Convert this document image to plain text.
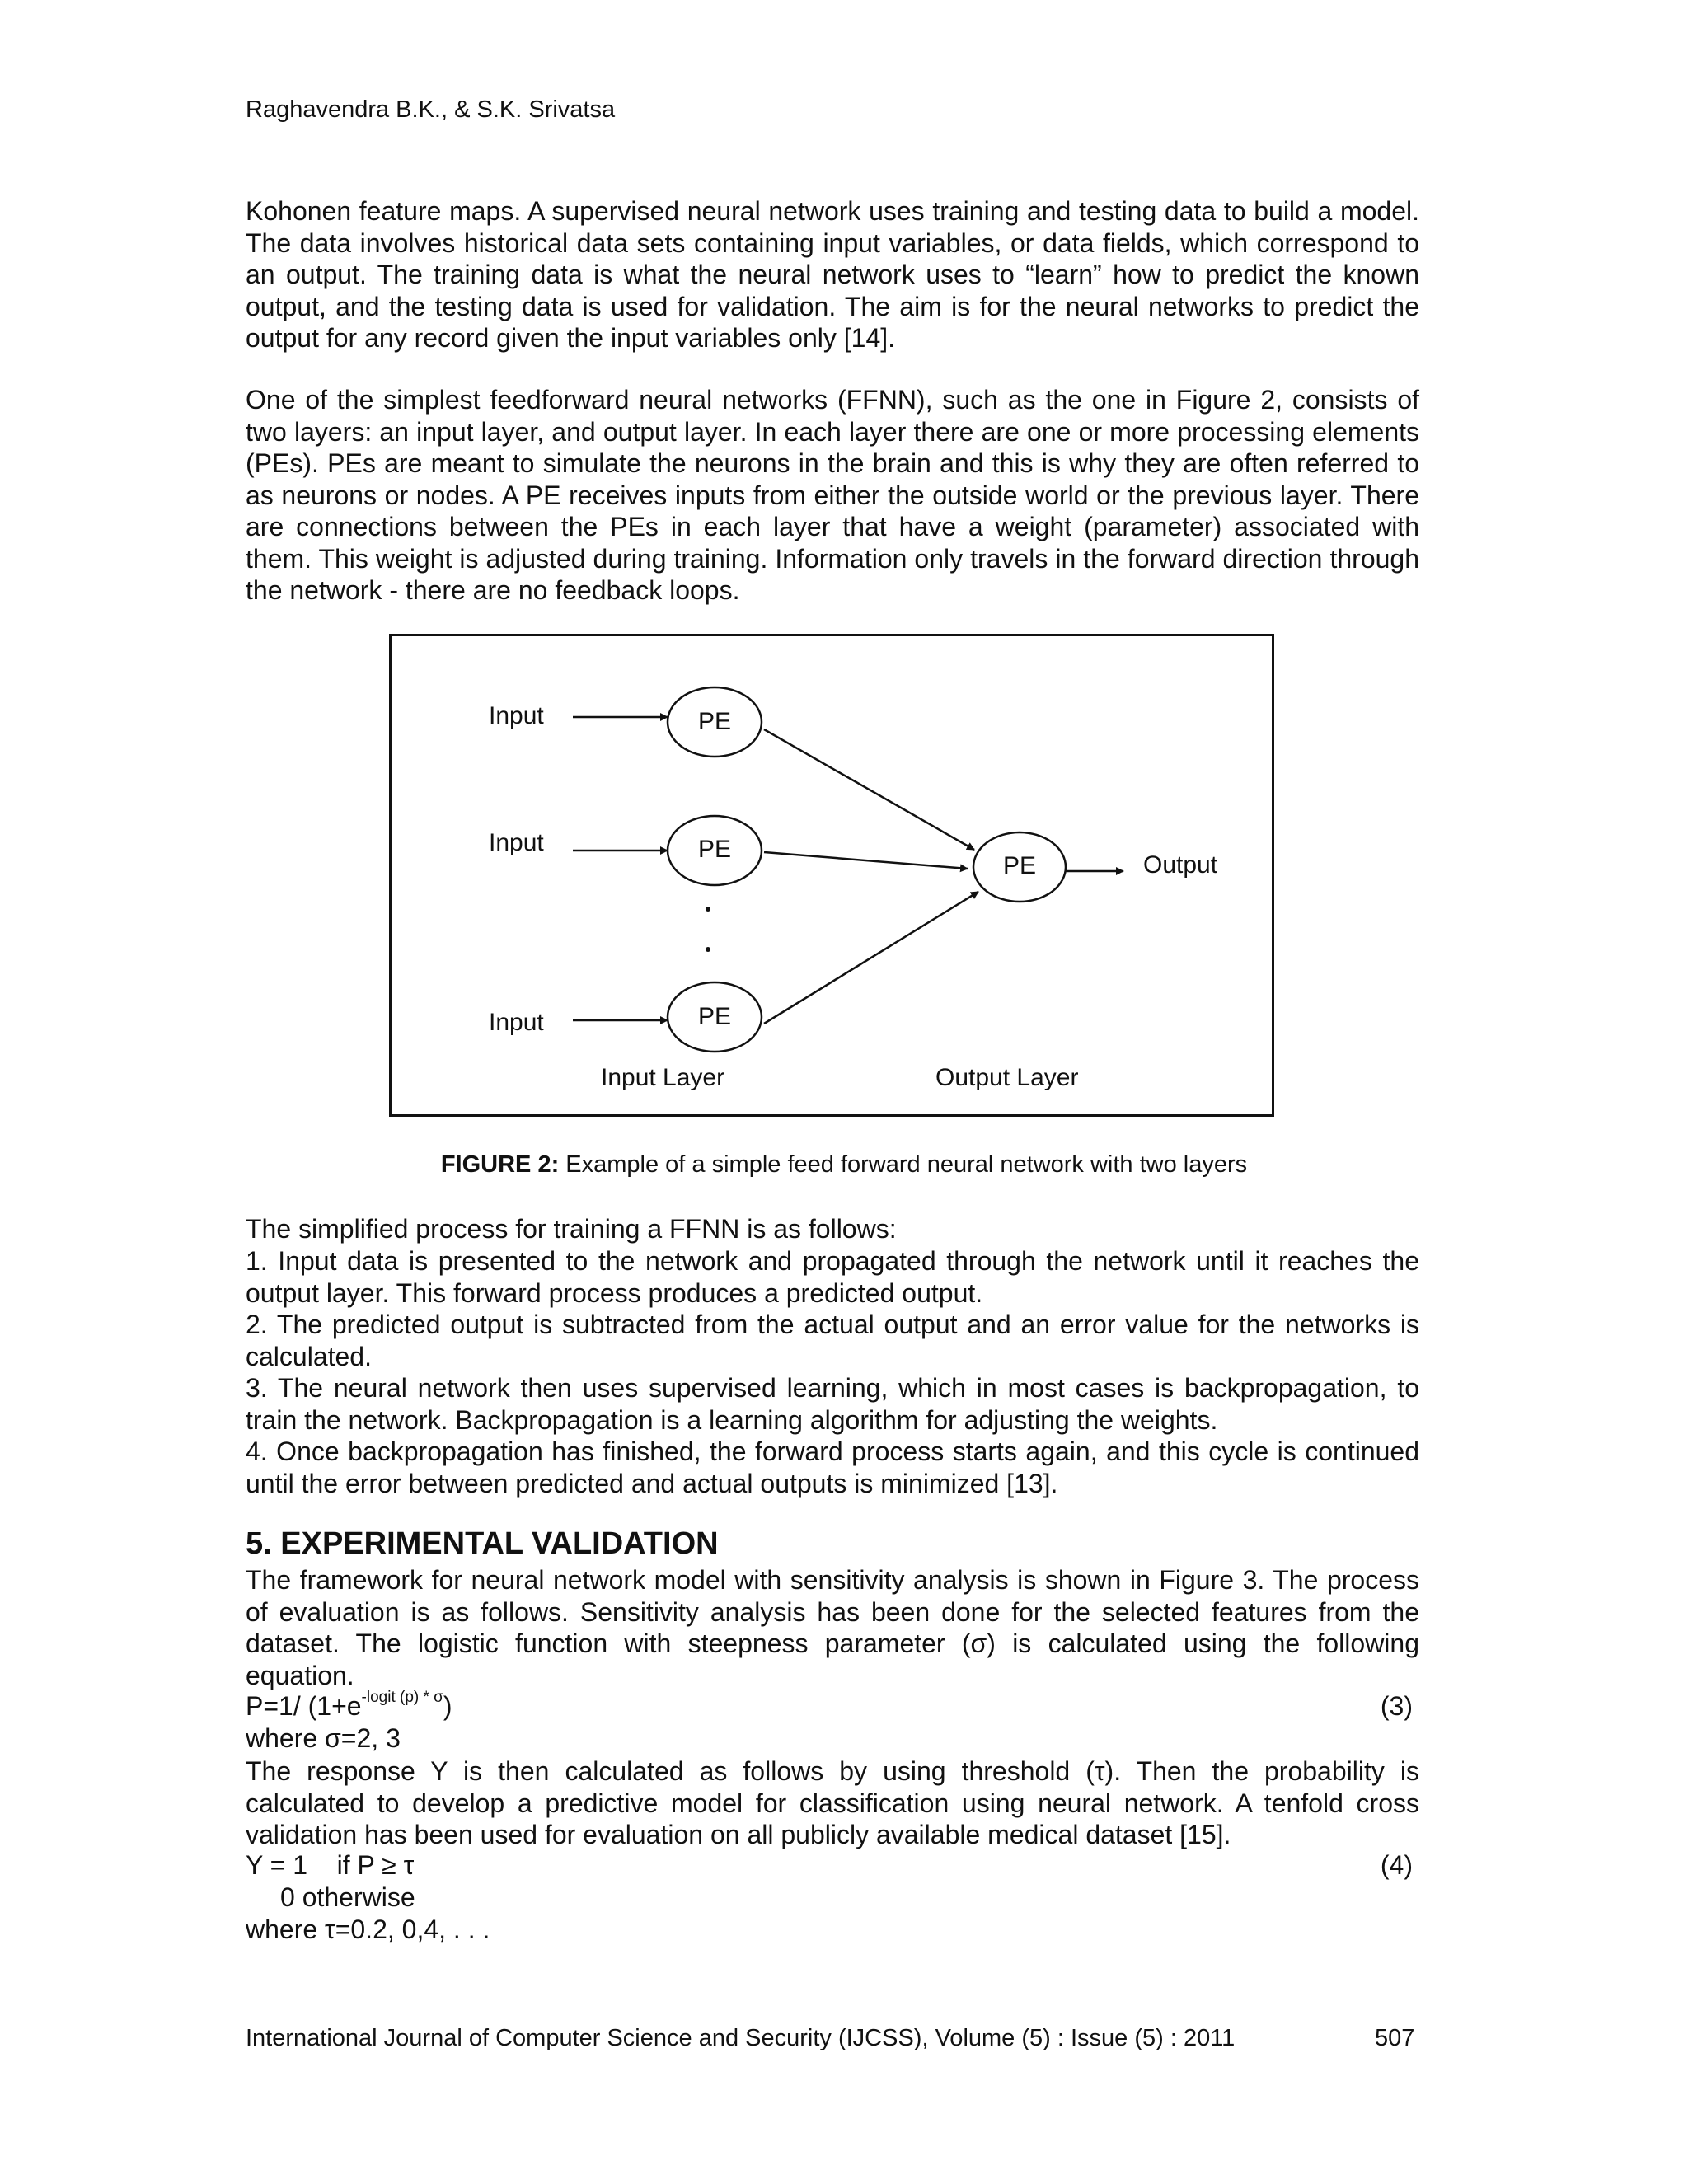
Raghavendra B.K., & S.K. Srivatsa

Kohonen feature maps. A supervised neural network uses training and testing data to build a model. The data involves historical data sets containing input variables, or data fields, which correspond to an output. The training data is what the neural network uses to “learn” how to predict the known output, and the testing data is used for validation. The aim is for the neural networks to predict the output for any record given the input variables only [14].

One of the simplest feedforward neural networks (FFNN), such as the one in Figure 2, consists of two layers: an input layer, and output layer. In each layer there are one or more processing elements (PEs). PEs are meant to simulate the neurons in the brain and this is why they are often referred to as neurons or nodes. A PE receives inputs from either the outside world or the previous layer. There are connections between the PEs in each layer that have a weight (parameter) associated with them. This weight is adjusted during training. Information only travels in the forward direction through the network - there are no feedback loops.

Input
Input
Input
PE
PE
PE
PE	Output
Input Layer	Output Layer
FIGURE 2: Example of a simple feed forward neural network with two layers

The simplified process for training a FFNN is as follows:

1. Input data is presented to the network and propagated through the network until it reaches the output layer. This forward process produces a predicted output.

2. The predicted output is subtracted from the actual output and an error value for the networks is calculated.

3. The neural network then uses supervised learning, which in most cases is backpropagation, to train the network. Backpropagation is a learning algorithm for adjusting the weights.

4. Once backpropagation has finished, the forward process starts again, and this cycle is continued until the error between predicted and actual outputs is minimized [13].

5. EXPERIMENTAL VALIDATION

The framework for neural network model with sensitivity analysis is shown in Figure 3. The process of evaluation is as follows. Sensitivity analysis has been done for the selected features from the dataset. The logistic function with steepness parameter (σ) is calculated using the following equation.

P=1/ $(1+e^{-logit (p) * \sigma})$	(3)
where σ=2, 3

The response Y is then calculated as follows by using threshold (τ). Then the probability is calculated to develop a predictive model for classification using neural network. A tenfold cross validation has been used for evaluation on all publicly available medical dataset [15].

Y = 1    if P ≥ τ	(4)
0 otherwise
where τ=0.2, 0,4, . . .
International Journal of Computer Science and Security (IJCSS), Volume (5) : Issue (5) : 2011	507
